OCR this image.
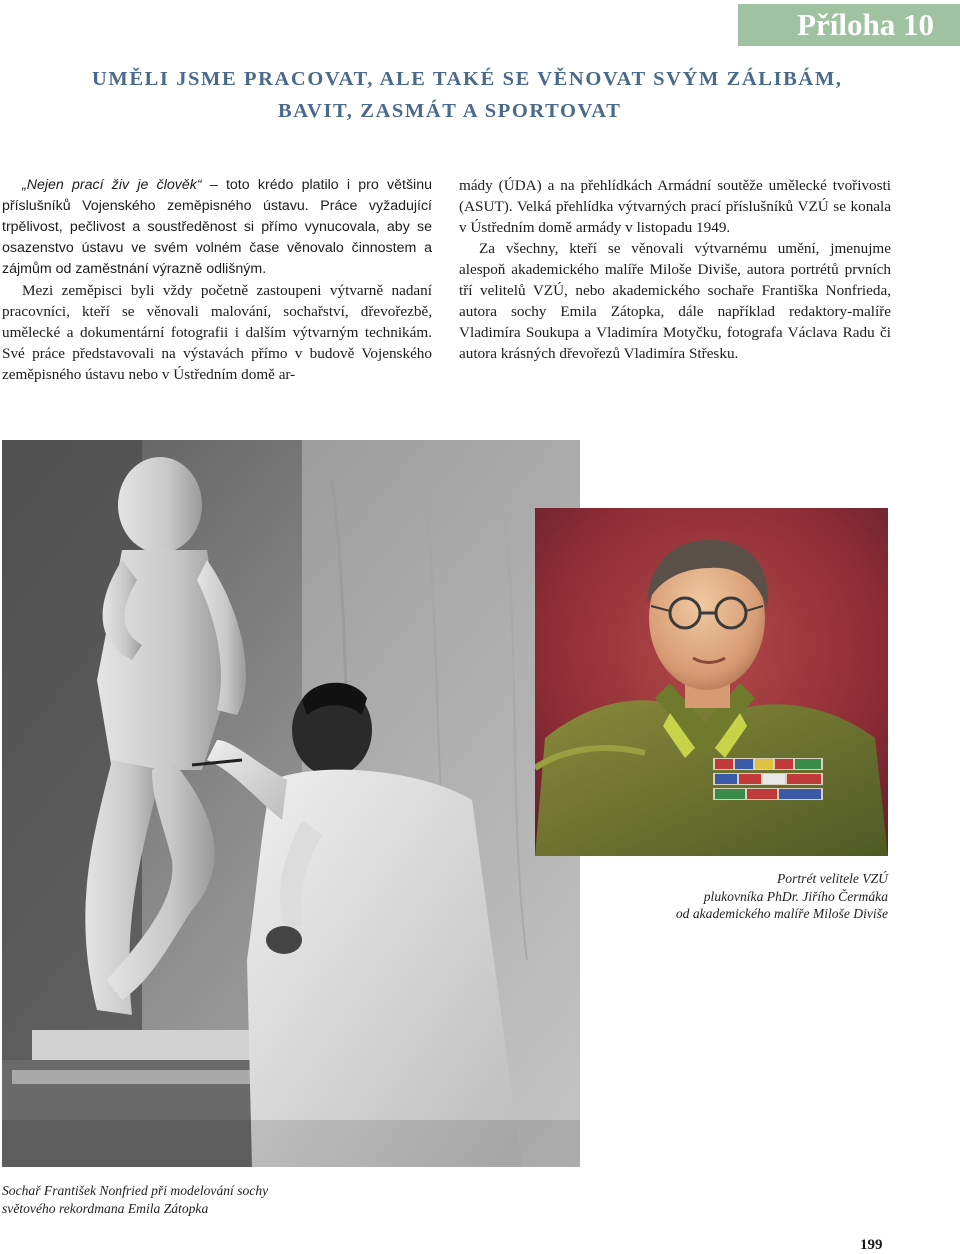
Příloha 10
UMĚLI JSME PRACOVAT, ALE TAKÉ SE VĚNOVAT SVÝM ZÁLIBÁM,
BAVIT, ZASMÁT A SPORTOVAT

„Nejen prací živ je člověk“ – toto krédo platilo i pro většinu příslušníků Vojenského zeměpisného ústavu. Práce vyžadující trpělivost, pečlivost a soustředěnost si přímo vynucovala, aby se osazenstvo ústavu ve svém volném čase věnovalo činnostem a zájmům od zaměstnání výrazně odlišným.

Mezi zeměpisci byli vždy početně zastoupeni výtvarně nadaní pracovníci, kteří se věnovali malování, sochařství, dřevořezbě, umělecké a dokumentární fotografii i dalším výtvarným technikám. Své práce představovali na výstavách přímo v budově Vojenského zeměpisného ústavu nebo v Ústředním domě ar-

mády (ÚDA) a na přehlídkách Armádní soutěže umělecké tvořivosti (ASUT). Velká přehlídka výtvarných prací příslušníků VZÚ se konala v Ústředním domě armády v listopadu 1949.

Za všechny, kteří se věnovali výtvarnému umění, jmenujme alespoň akademického malíře Miloše Diviše, autora portrétů prvních tří velitelů VZÚ, nebo akademického sochaře Františka Nonfrieda, autora sochy Emila Zátopka, dále například redaktory-malíře Vladimíra Soukupa a Vladimíra Motyčku, fotografa Václava Radu či autora krásných dřevořezů Vladimíra Střesku.

Portrét velitele VZÚ
plukovníka PhDr. Jiřího Čermáka
od akademického malíře Miloše Diviše
Sochař František Nonfried při modelování sochy
světového rekordmana Emila Zátopka
199
